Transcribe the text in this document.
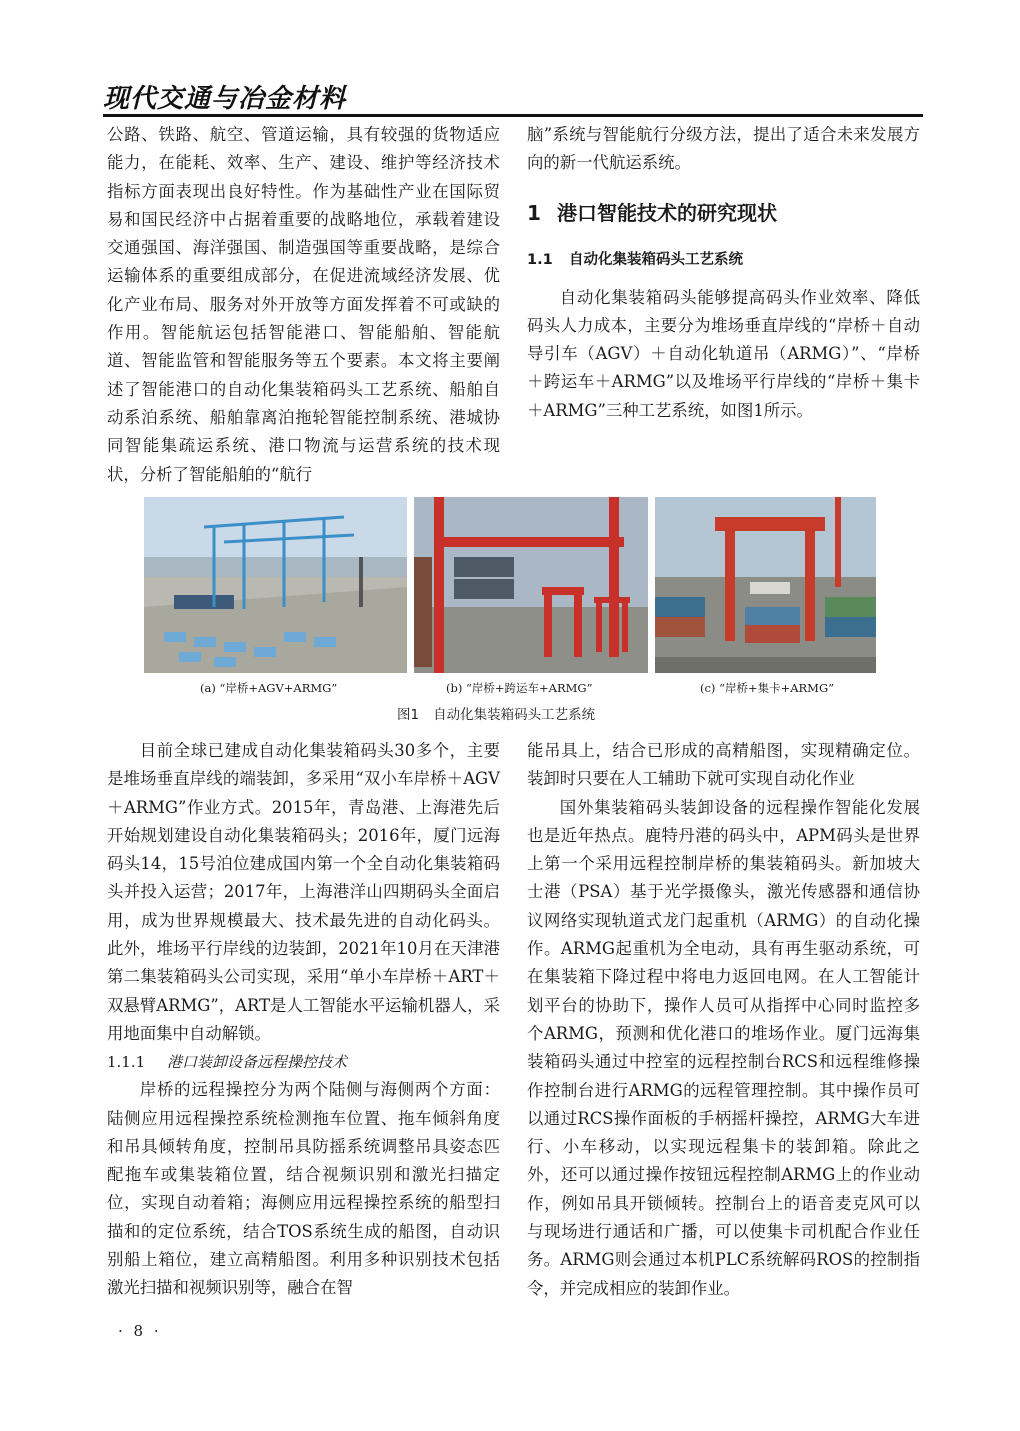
现代交通与冶金材料

公路、铁路、航空、管道运输，具有较强的货物适应能力，在能耗、效率、生产、建设、维护等经济技术指标方面表现出良好特性。作为基础性产业在国际贸易和国民经济中占据着重要的战略地位，承载着建设交通强国、海洋强国、制造强国等重要战略，是综合运输体系的重要组成部分，在促进流域经济发展、优化产业布局、服务对外开放等方面发挥着不可或缺的作用。智能航运包括智能港口、智能船舶、智能航道、智能监管和智能服务等五个要素。本文将主要阐述了智能港口的自动化集装箱码头工艺系统、船舶自动系泊系统、船舶靠离泊拖轮智能控制系统、港城协同智能集疏运系统、港口物流与运营系统的技术现状，分析了智能船舶的“航行

脑”系统与智能航行分级方法，提出了适合未来发展方向的新一代航运系统。

1 港口智能技术的研究现状

1.1 自动化集装箱码头工艺系统

自动化集装箱码头能够提高码头作业效率、降低码头人力成本，主要分为堆场垂直岸线的“岸桥＋自动导引车（AGV）＋自动化轨道吊（ARMG）”、“岸桥＋跨运车＋ARMG”以及堆场平行岸线的“岸桥＋集卡＋ARMG”三种工艺系统，如图1所示。

(a) “岸桥+AGV+ARMG”	(b) “岸桥+跨运车+ARMG”	(c) “岸桥+集卡+ARMG”
图1 自动化集装箱码头工艺系统

目前全球已建成自动化集装箱码头30多个，主要是堆场垂直岸线的端装卸，多采用“双小车岸桥＋AGV＋ARMG”作业方式。2015年，青岛港、上海港先后开始规划建设自动化集装箱码头；2016年，厦门远海码头14，15号泊位建成国内第一个全自动化集装箱码头并投入运营；2017年，上海港洋山四期码头全面启用，成为世界规模最大、技术最先进的自动化码头。此外，堆场平行岸线的边装卸，2021年10月在天津港第二集装箱码头公司实现，采用“单小车岸桥＋ART＋双悬臂ARMG”，ART是人工智能水平运输机器人，采用地面集中自动解锁。

1.1.1 港口装卸设备远程操控技术

岸桥的远程操控分为两个陆侧与海侧两个方面：陆侧应用远程操控系统检测拖车位置、拖车倾斜角度和吊具倾转角度，控制吊具防摇系统调整吊具姿态匹配拖车或集装箱位置，结合视频识别和激光扫描定位，实现自动着箱；海侧应用远程操控系统的船型扫描和的定位系统，结合TOS系统生成的船图，自动识别船上箱位，建立高精船图。利用多种识别技术包括激光扫描和视频识别等，融合在智

能吊具上，结合已形成的高精船图，实现精确定位。装卸时只要在人工辅助下就可实现自动化作业

国外集装箱码头装卸设备的远程操作智能化发展也是近年热点。鹿特丹港的码头中，APM码头是世界上第一个采用远程控制岸桥的集装箱码头。新加坡大士港（PSA）基于光学摄像头，激光传感器和通信协议网络实现轨道式龙门起重机（ARMG）的自动化操作。ARMG起重机为全电动，具有再生驱动系统，可在集装箱下降过程中将电力返回电网。在人工智能计划平台的协助下，操作人员可从指挥中心同时监控多个ARMG，预测和优化港口的堆场作业。厦门远海集装箱码头通过中控室的远程控制台RCS和远程维修操作控制台进行ARMG的远程管理控制。其中操作员可以通过RCS操作面板的手柄摇杆操控，ARMG大车进行、小车移动，以实现远程集卡的装卸箱。除此之外，还可以通过操作按钮远程控制ARMG上的作业动作，例如吊具开锁倾转。控制台上的语音麦克风可以与现场进行通话和广播，可以使集卡司机配合作业任务。ARMG则会通过本机PLC系统解码ROS的控制指令，并完成相应的装卸作业。

· 8 ·
